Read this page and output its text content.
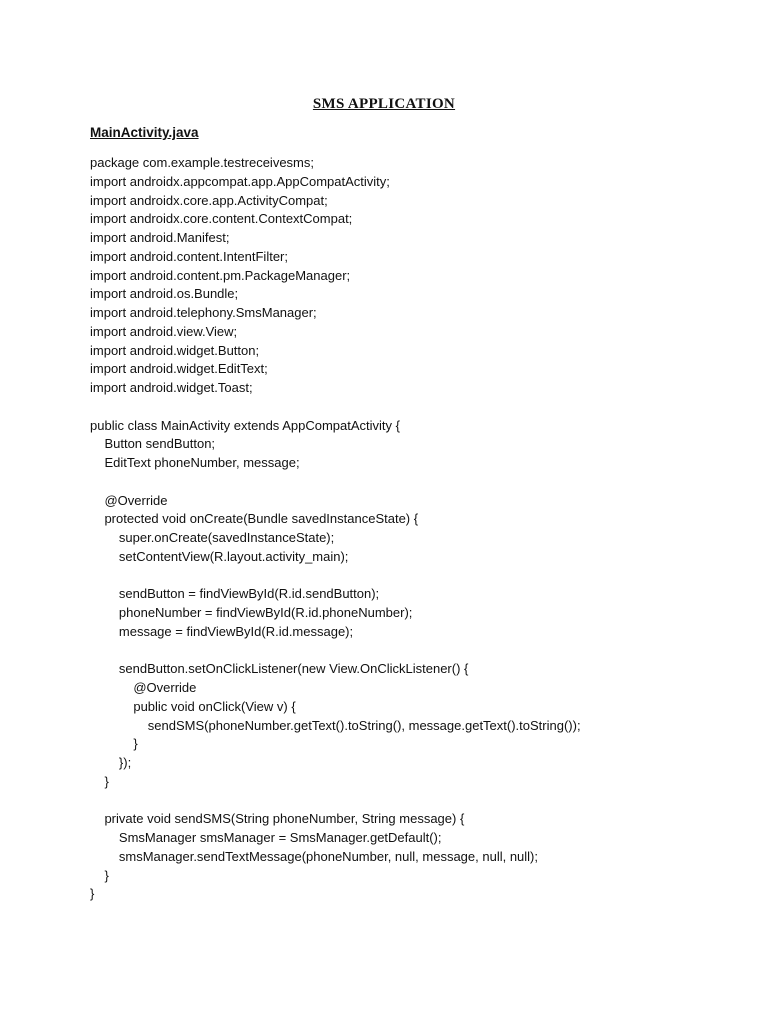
SMS APPLICATION
MainActivity.java
package com.example.testreceivesms;
import androidx.appcompat.app.AppCompatActivity;
import androidx.core.app.ActivityCompat;
import androidx.core.content.ContextCompat;
import android.Manifest;
import android.content.IntentFilter;
import android.content.pm.PackageManager;
import android.os.Bundle;
import android.telephony.SmsManager;
import android.view.View;
import android.widget.Button;
import android.widget.EditText;
import android.widget.Toast;
public class MainActivity extends AppCompatActivity {
Button sendButton;
EditText phoneNumber, message;
@Override
protected void onCreate(Bundle savedInstanceState) {
super.onCreate(savedInstanceState);
setContentView(R.layout.activity_main);
sendButton = findViewById(R.id.sendButton);
phoneNumber = findViewById(R.id.phoneNumber);
message = findViewById(R.id.message);
sendButton.setOnClickListener(new View.OnClickListener() {
@Override
public void onClick(View v) {
sendSMS(phoneNumber.getText().toString(), message.getText().toString());
}
});
}
private void sendSMS(String phoneNumber, String message) {
SmsManager smsManager = SmsManager.getDefault();
smsManager.sendTextMessage(phoneNumber, null, message, null, null);
}
}
